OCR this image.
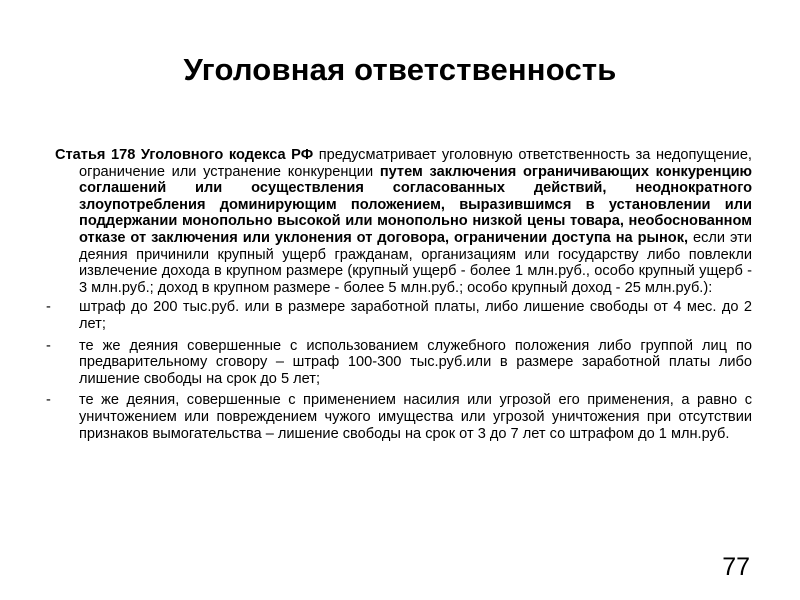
Уголовная ответственность

Статья 178 Уголовного кодекса РФ предусматривает уголовную ответственность за недопущение, ограничение или устранение конкуренции путем заключения ограничивающих конкуренцию соглашений или осуществления согласованных действий, неоднократного злоупотребления доминирующим положением, выразившимся в установлении или поддержании монопольно высокой или монопольно низкой цены товара, необоснованном отказе от заключения или уклонения от договора, ограничении доступа на рынок, если эти деяния причинили крупный ущерб гражданам, организациям или государству либо повлекли извлечение дохода в крупном размере (крупный ущерб - более 1 млн.руб., особо крупный ущерб - 3 млн.руб.; доход в крупном размере - более 5 млн.руб.; особо крупный доход - 25 млн.руб.):

- штраф до 200 тыс.руб. или в размере заработной платы, либо лишение свободы от 4 мес. до 2 лет;
- те же деяния совершенные с использованием служебного положения либо группой лиц по предварительному сговору – штраф 100-300 тыс.руб.или в размере заработной платы либо лишение свободы на срок до 5 лет;
- те же деяния, совершенные с применением насилия или угрозой его применения, а равно с уничтожением или повреждением чужого имущества или угрозой уничтожения при отсутствии признаков вымогательства – лишение свободы на срок от 3 до 7 лет со штрафом до 1 млн.руб.
77
